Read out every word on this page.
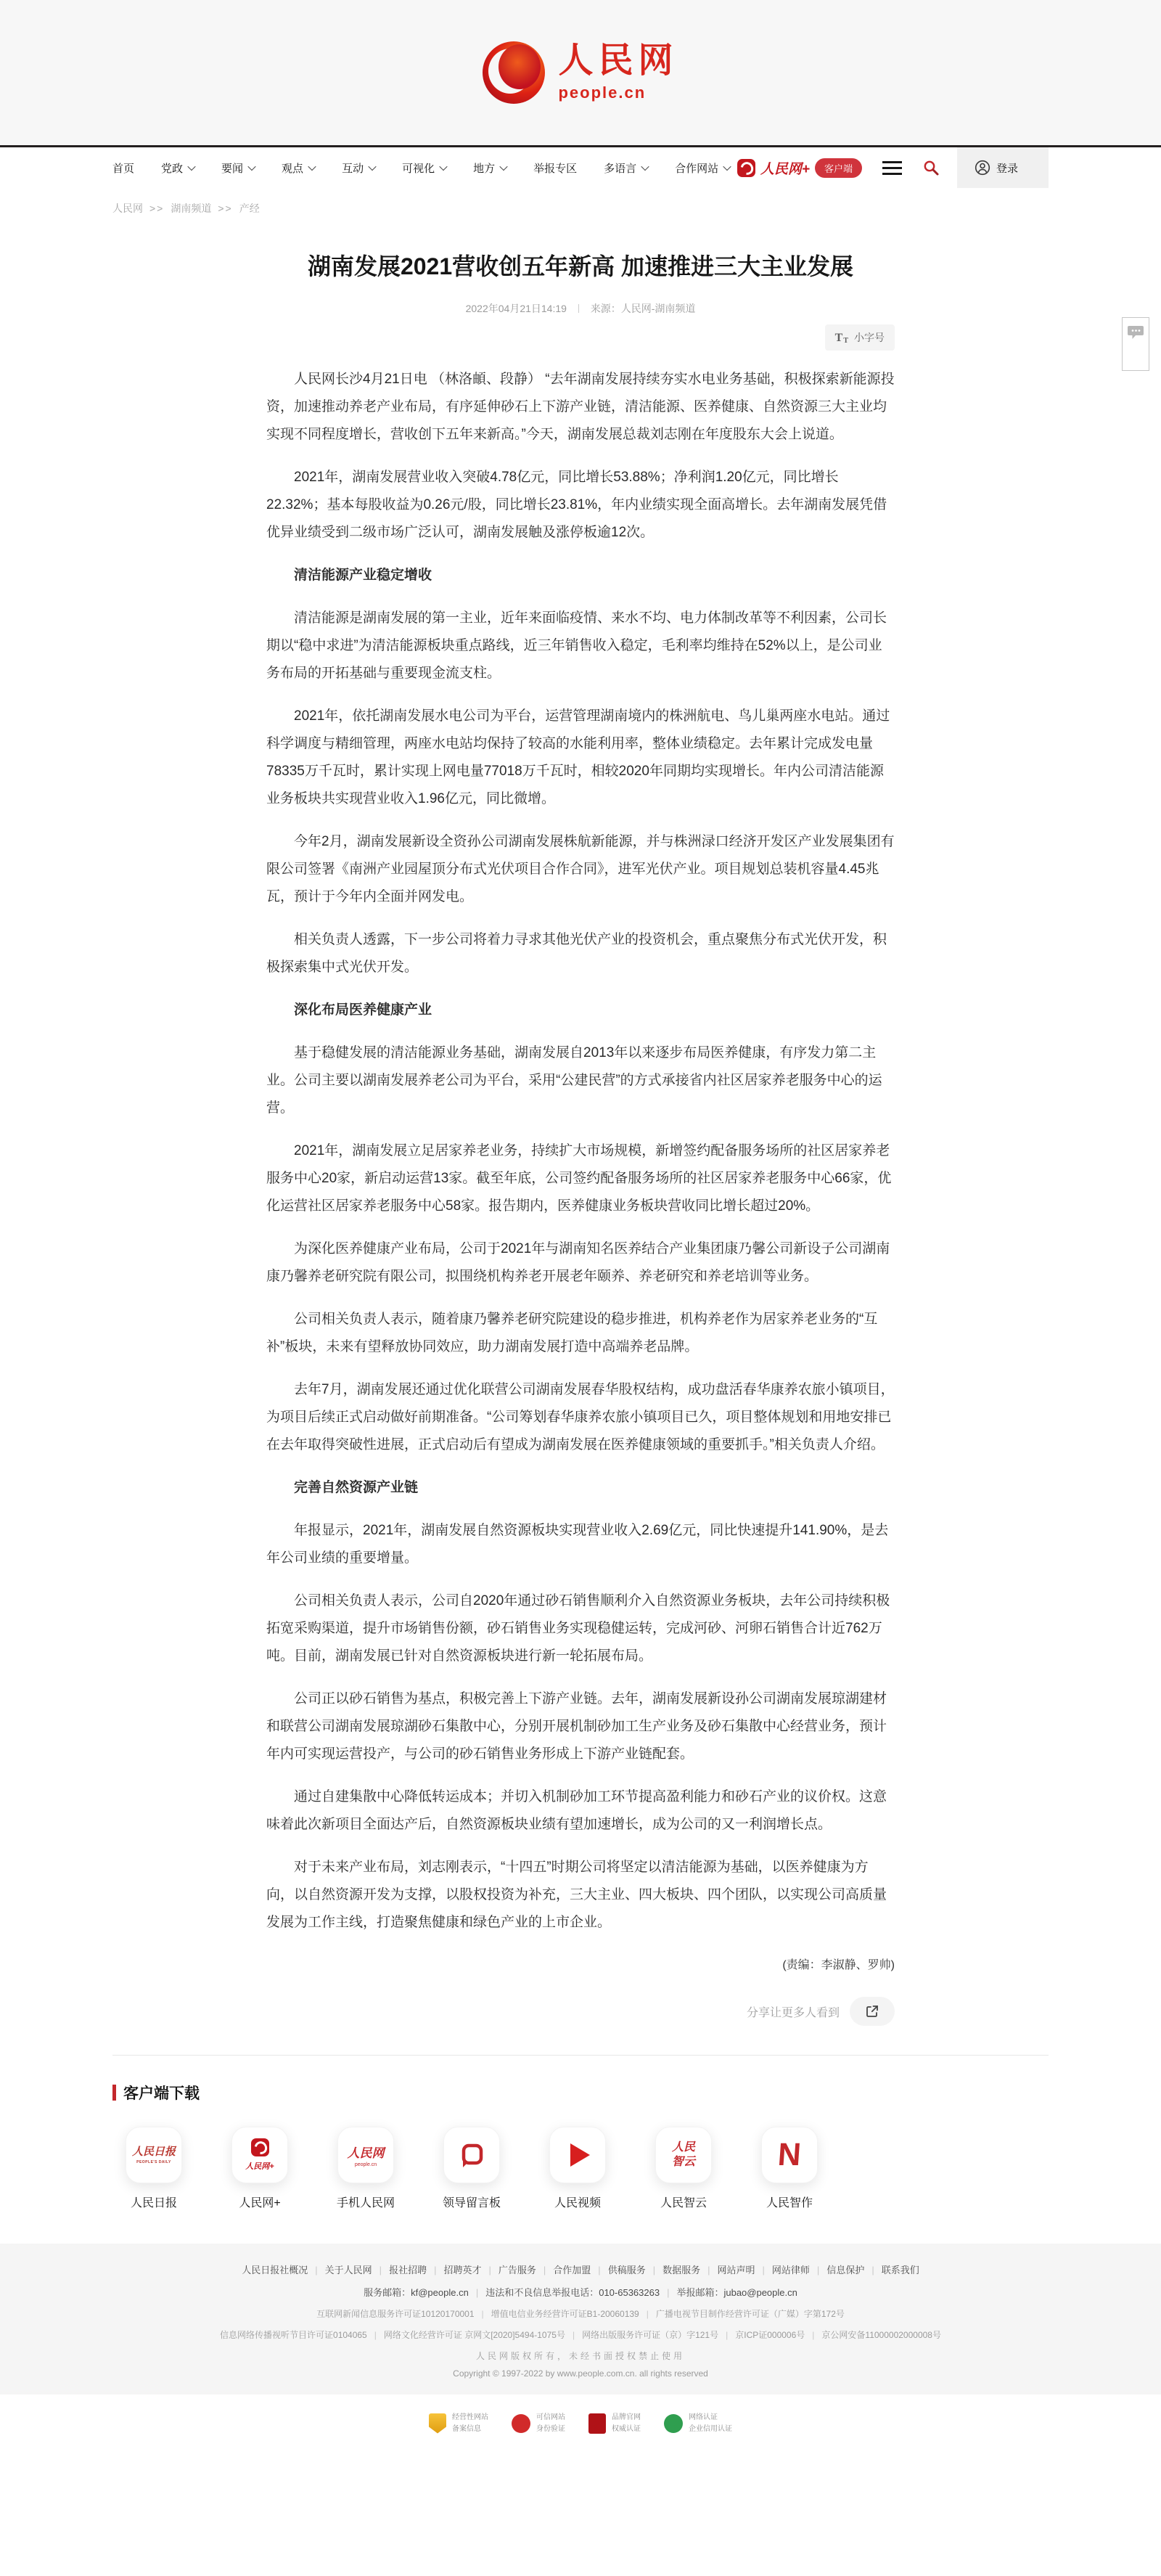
人民网
people.cn
首页 党政	要闻	观点	互动	可视化	地方	举报专区 多语言	合作网站	人民网+	客户端	登录
人民网	>> 湖南频道	>> 产经
湖南发展2021营收创五年新高 加速推进三大主业发展
2022年04月21日14:19 来源：人民网-湖南频道
T
T
小字号

人民网长沙4月21日电 （林洛頔、段静） “去年湖南发展持续夯实水电业务基础，积极探索新能源投资，加速推动养老产业布局，有序延伸砂石上下游产业链，清洁能源、医养健康、自然资源三大主业均实现不同程度增长，营收创下五年来新高。”今天，湖南发展总裁刘志刚在年度股东大会上说道。

2021年，湖南发展营业收入突破4.78亿元，同比增长53.88%；净利润1.20亿元，同比增长22.32%；基本每股收益为0.26元/股，同比增长23.81%，年内业绩实现全面高增长。去年湖南发展凭借优异业绩受到二级市场广泛认可，湖南发展触及涨停板逾12次。

清洁能源产业稳定增收

清洁能源是湖南发展的第一主业，近年来面临疫情、来水不均、电力体制改革等不利因素，公司长期以“稳中求进”为清洁能源板块重点路线，近三年销售收入稳定，毛利率均维持在52%以上，是公司业务布局的开拓基础与重要现金流支柱。

2021年，依托湖南发展水电公司为平台，运营管理湖南境内的株洲航电、鸟儿巢两座水电站。通过科学调度与精细管理，两座水电站均保持了较高的水能利用率，整体业绩稳定。去年累计完成发电量78335万千瓦时，累计实现上网电量77018万千瓦时，相较2020年同期均实现增长。年内公司清洁能源业务板块共实现营业收入1.96亿元，同比微增。

今年2月，湖南发展新设全资孙公司湖南发展株航新能源，并与株洲渌口经济开发区产业发展集团有限公司签署《南洲产业园屋顶分布式光伏项目合作合同》，进军光伏产业。项目规划总装机容量4.45兆瓦，预计于今年内全面并网发电。

相关负责人透露，下一步公司将着力寻求其他光伏产业的投资机会，重点聚焦分布式光伏开发，积极探索集中式光伏开发。

深化布局医养健康产业

基于稳健发展的清洁能源业务基础，湖南发展自2013年以来逐步布局医养健康，有序发力第二主业。公司主要以湖南发展养老公司为平台，采用“公建民营”的方式承接省内社区居家养老服务中心的运营。

2021年，湖南发展立足居家养老业务，持续扩大市场规模，新增签约配备服务场所的社区居家养老服务中心20家，新启动运营13家。截至年底，公司签约配备服务场所的社区居家养老服务中心66家，优化运营社区居家养老服务中心58家。报告期内，医养健康业务板块营收同比增长超过20%。

为深化医养健康产业布局，公司于2021年与湖南知名医养结合产业集团康乃馨公司新设子公司湖南康乃馨养老研究院有限公司，拟围绕机构养老开展老年颐养、养老研究和养老培训等业务。

公司相关负责人表示，随着康乃馨养老研究院建设的稳步推进，机构养老作为居家养老业务的“互补”板块，未来有望释放协同效应，助力湖南发展打造中高端养老品牌。

去年7月，湖南发展还通过优化联营公司湖南发展春华股权结构，成功盘活春华康养农旅小镇项目，为项目后续正式启动做好前期准备。“公司筹划春华康养农旅小镇项目已久，项目整体规划和用地安排已在去年取得突破性进展，正式启动后有望成为湖南发展在医养健康领域的重要抓手。”相关负责人介绍。

完善自然资源产业链

年报显示，2021年，湖南发展自然资源板块实现营业收入2.69亿元，同比快速提升141.90%，是去年公司业绩的重要增量。

公司相关负责人表示，公司自2020年通过砂石销售顺利介入自然资源业务板块，去年公司持续积极拓宽采购渠道，提升市场销售份额，砂石销售业务实现稳健运转，完成河砂、河卵石销售合计近762万吨。目前，湖南发展已针对自然资源板块进行新一轮拓展布局。

公司正以砂石销售为基点，积极完善上下游产业链。去年，湖南发展新设孙公司湖南发展琼湖建材和联营公司湖南发展琼湖砂石集散中心，分别开展机制砂加工生产业务及砂石集散中心经营业务，预计年内可实现运营投产，与公司的砂石销售业务形成上下游产业链配套。

通过自建集散中心降低转运成本；并切入机制砂加工环节提高盈利能力和砂石产业的议价权。这意味着此次新项目全面达产后，自然资源板块业绩有望加速增长，成为公司的又一利润增长点。

对于未来产业布局，刘志刚表示，“十四五”时期公司将坚定以清洁能源为基础，以医养健康为方向，以自然资源开发为支撑，以股权投资为补充，三大主业、四大板块、四个团队，以实现公司高质量发展为工作主线，打造聚焦健康和绿色产业的上市企业。

(责编：李淑静、罗帅)
分享让更多人看到
客户端下载
人民日报
PEOPLE'S DAILY
人民日报
人民网+
人民网+
人民网
people.cn
手机人民网	领导留言板	人民视频
人民智云
人民智云
N
人民智作
人民日报社概况 |	关于人民网 |	报社招聘 |	招聘英才 |	广告服务 |	合作加盟 |	供稿服务 |	数据服务 |	网站声明 |	网站律师 |	信息保护 |	联系我们
服务邮箱：kf@people.cn |	违法和不良信息举报电话：010-65363263 |	举报邮箱：jubao@people.cn
互联网新闻信息服务许可证10120170001 |	增值电信业务经营许可证B1-20060139 |	广播电视节目制作经营许可证（广媒）字第172号
信息网络传播视听节目许可证0104065 |	网络文化经营许可证 京网文[2020]5494-1075号 |	网络出版服务许可证（京）字121号 |	京ICP证000006号 |	京公网安备11000002000008号
人民网版权所有，未经书面授权禁止使用
Copyright © 1997-2022 by www.people.com.cn. all rights reserved
经营性网站
备案信息
可信网站
身份验证
品牌官网
权威认证
网络认证
企业信用认证
